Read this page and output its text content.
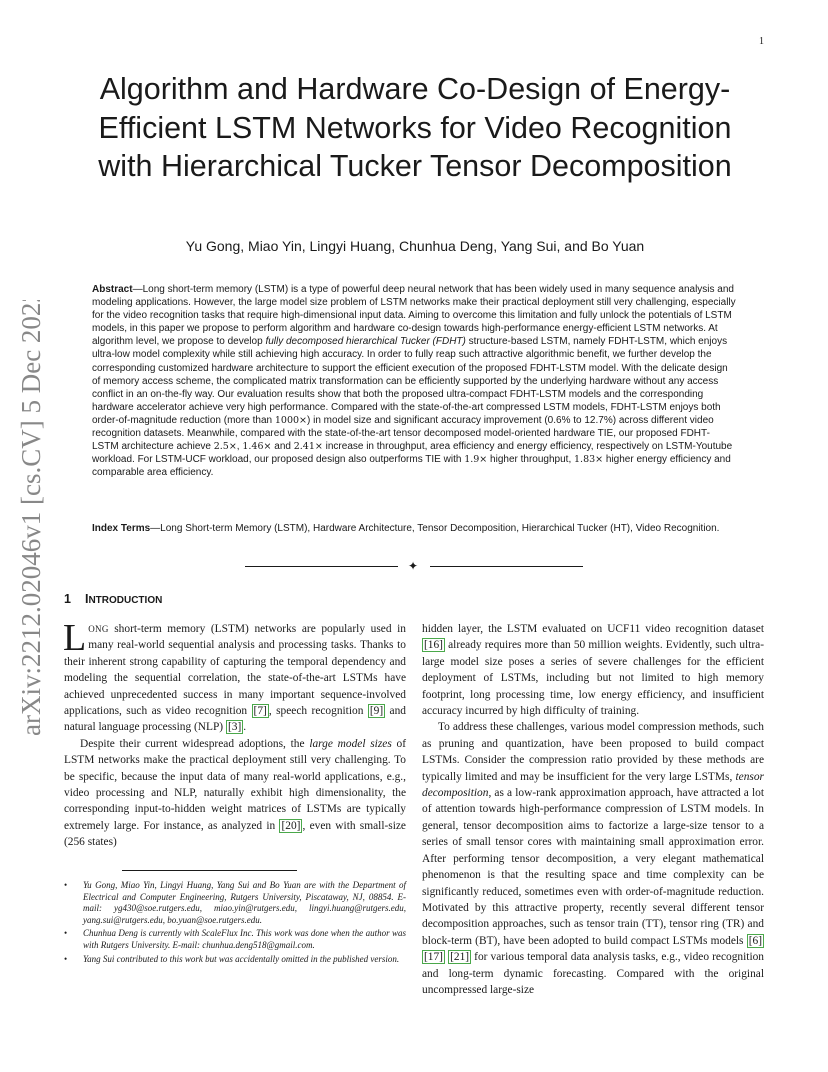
1
arXiv:2212.02046v1 [cs.CV] 5 Dec 2022
Algorithm and Hardware Co-Design of Energy-Efficient LSTM Networks for Video Recognition with Hierarchical Tucker Tensor Decomposition
Yu Gong, Miao Yin, Lingyi Huang, Chunhua Deng, Yang Sui, and Bo Yuan
Abstract—Long short-term memory (LSTM) is a type of powerful deep neural network that has been widely used in many sequence analysis and modeling applications. However, the large model size problem of LSTM networks make their practical deployment still very challenging, especially for the video recognition tasks that require high-dimensional input data. Aiming to overcome this limitation and fully unlock the potentials of LSTM models, in this paper we propose to perform algorithm and hardware co-design towards high-performance energy-efficient LSTM networks. At algorithm level, we propose to develop fully decomposed hierarchical Tucker (FDHT) structure-based LSTM, namely FDHT-LSTM, which enjoys ultra-low model complexity while still achieving high accuracy. In order to fully reap such attractive algorithmic benefit, we further develop the corresponding customized hardware architecture to support the efficient execution of the proposed FDHT-LSTM model. With the delicate design of memory access scheme, the complicated matrix transformation can be efficiently supported by the underlying hardware without any access conflict in an on-the-fly way. Our evaluation results show that both the proposed ultra-compact FDHT-LSTM models and the corresponding hardware accelerator achieve very high performance. Compared with the state-of-the-art compressed LSTM models, FDHT-LSTM enjoys both order-of-magnitude reduction (more than 1000×) in model size and significant accuracy improvement (0.6% to 12.7%) across different video recognition datasets. Meanwhile, compared with the state-of-the-art tensor decomposed model-oriented hardware TIE, our proposed FDHT-LSTM architecture achieve 2.5×, 1.46× and 2.41× increase in throughput, area efficiency and energy efficiency, respectively on LSTM-Youtube workload. For LSTM-UCF workload, our proposed design also outperforms TIE with 1.9× higher throughput, 1.83× higher energy efficiency and comparable area efficiency.
Index Terms—Long Short-term Memory (LSTM), Hardware Architecture, Tensor Decomposition, Hierarchical Tucker (HT), Video Recognition.
✦
1 INTRODUCTION

LONG short-term memory (LSTM) networks are popularly used in many real-world sequential analysis and processing tasks. Thanks to their inherent strong capability of capturing the temporal dependency and modeling the sequential correlation, the state-of-the-art LSTMs have achieved unprecedented success in many important sequence-involved applications, such as video recognition [7] , speech recognition [9] and natural language processing (NLP) [3] .

Despite their current widespread adoptions, the large model sizes of LSTM networks make the practical deployment still very challenging. To be specific, because the input data of many real-world applications, e.g., video processing and NLP, naturally exhibit high dimensionality, the corresponding input-to-hidden weight matrices of LSTMs are typically extremely large. For instance, as analyzed in [20] , even with small-size (256 states)

• Yu Gong, Miao Yin, Lingyi Huang, Yang Sui and Bo Yuan are with the Department of Electrical and Computer Engineering, Rutgers University, Piscataway, NJ, 08854. E-mail: yg430@soe.rutgers.edu, miao.yin@rutgers.edu, lingyi.huang@rutgers.edu, yang.sui@rutgers.edu, bo.yuan@soe.rutgers.edu.
• Chunhua Deng is currently with ScaleFlux Inc. This work was done when the author was with Rutgers University. E-mail: chunhua.deng518@gmail.com.
• Yang Sui contributed to this work but was accidentally omitted in the published version.

hidden layer, the LSTM evaluated on UCF11 video recognition dataset [16] already requires more than 50 million weights. Evidently, such ultra-large model size poses a series of severe challenges for the efficient deployment of LSTMs, including but not limited to high memory footprint, long processing time, low energy efficiency, and insufficient accuracy incurred by high difficulty of training.

To address these challenges, various model compression methods, such as pruning and quantization, have been proposed to build compact LSTMs. Consider the compression ratio provided by these methods are typically limited and may be insufficient for the very large LSTMs, tensor decomposition, as a low-rank approximation approach, have attracted a lot of attention towards high-performance compression of LSTM models. In general, tensor decomposition aims to factorize a large-size tensor to a series of small tensor cores with maintaining small approximation error. After performing tensor decomposition, a very elegant mathematical phenomenon is that the resulting space and time complexity can be significantly reduced, sometimes even with order-of-magnitude reduction. Motivated by this attractive property, recently several different tensor decomposition approaches, such as tensor train (TT), tensor ring (TR) and block-term (BT), have been adopted to build compact LSTMs models [6] [17] [21] for various temporal data analysis tasks, e.g., video recognition and long-term dynamic forecasting. Compared with the original uncompressed large-size
